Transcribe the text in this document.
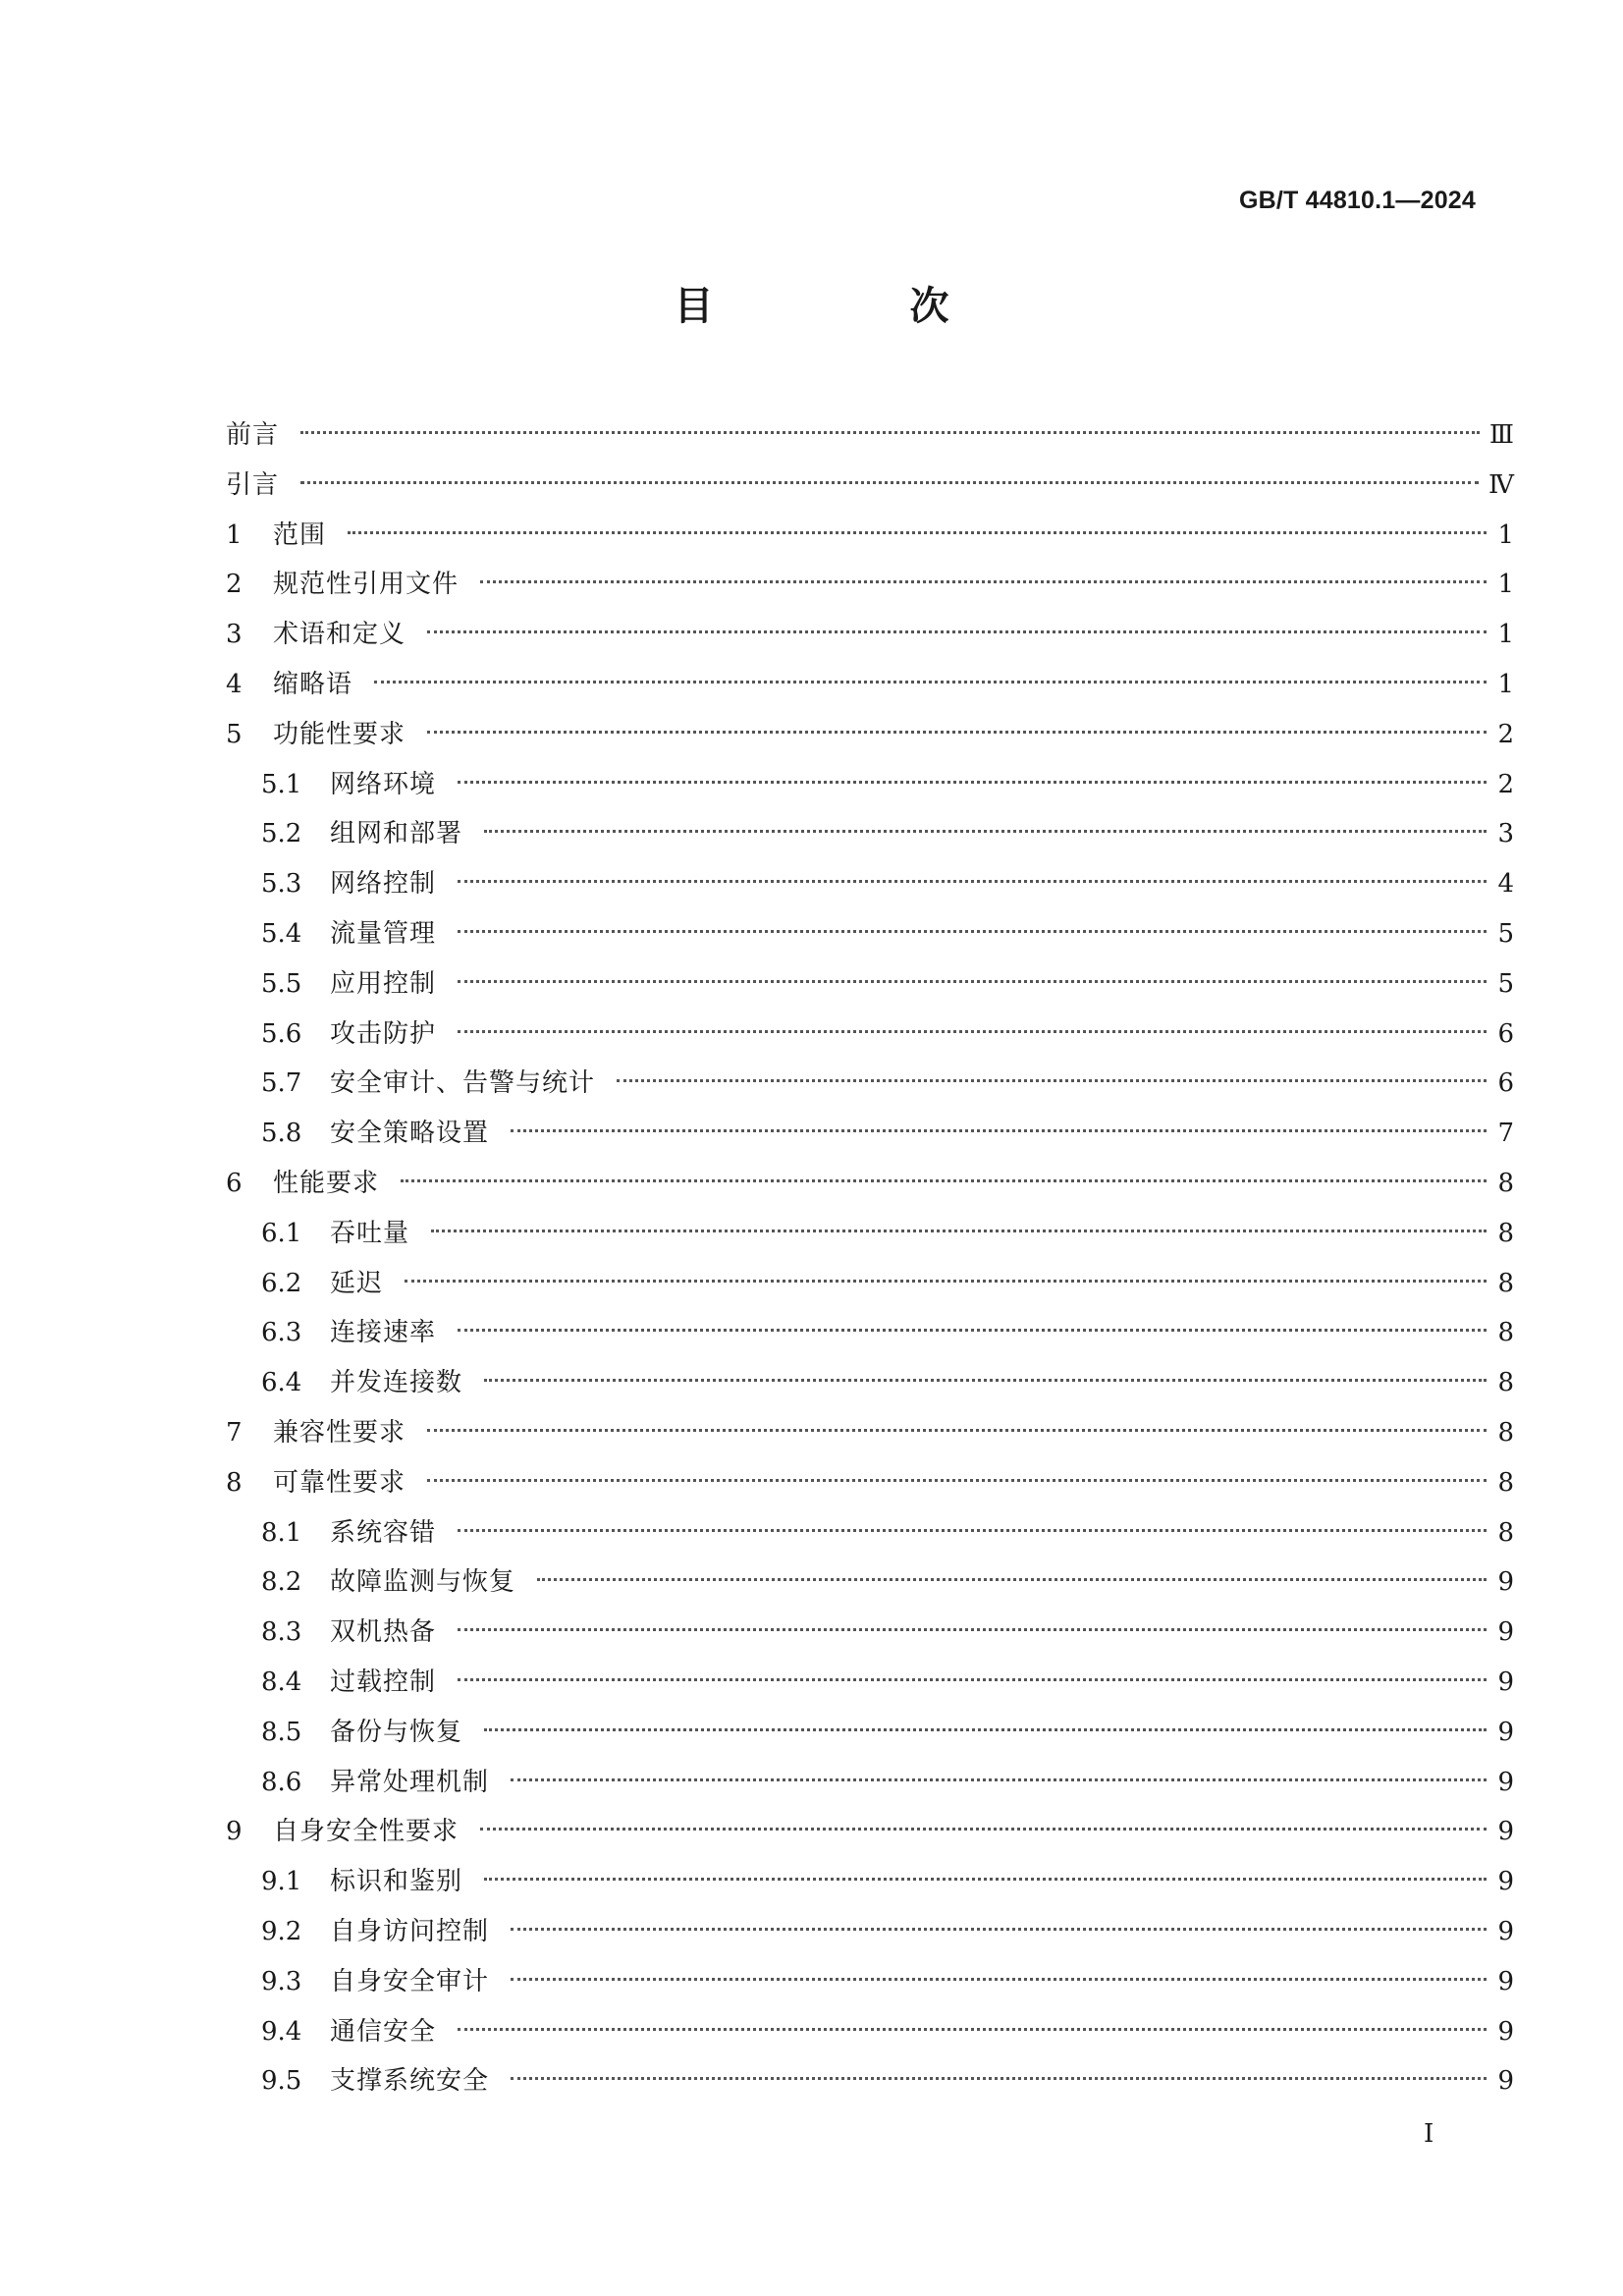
GB/T 44810.1—2024

目　次
前言	Ⅲ
引言	Ⅳ
1	范围	1
2	规范性引用文件	1
3	术语和定义	1
4	缩略语	1
5	功能性要求	2
5.1	网络环境	2
5.2	组网和部署	3
5.3	网络控制	4
5.4	流量管理	5
5.5	应用控制	5
5.6	攻击防护	6
5.7	安全审计、告警与统计	6
5.8	安全策略设置	7
6	性能要求	8
6.1	吞吐量	8
6.2	延迟	8
6.3	连接速率	8
6.4	并发连接数	8
7	兼容性要求	8
8	可靠性要求	8
8.1	系统容错	8
8.2	故障监测与恢复	9
8.3	双机热备	9
8.4	过载控制	9
8.5	备份与恢复	9
8.6	异常处理机制	9
9	自身安全性要求	9
9.1	标识和鉴别	9
9.2	自身访问控制	9
9.3	自身安全审计	9
9.4	通信安全	9
9.5	支撑系统安全	9

I
